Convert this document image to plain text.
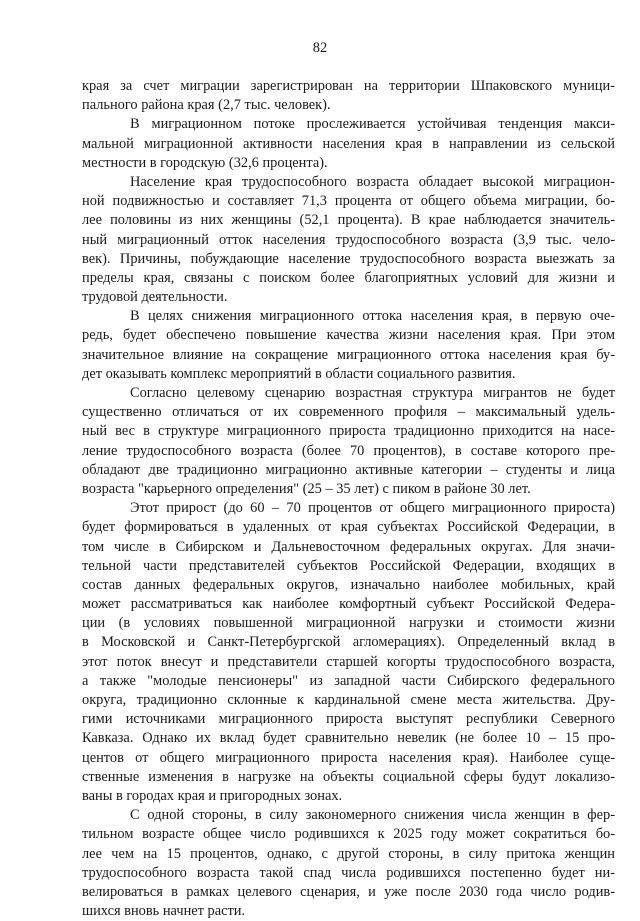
82
края за счет миграции зарегистрирован на территории Шпаковского муници-
пального района края (2,7 тыс. человек).
В миграционном потоке прослеживается устойчивая тенденция макси-
мальной миграционной активности населения края в направлении из сельской
местности в городскую (32,6 процента).
Население края трудоспособного возраста обладает высокой миграцион-
ной подвижностью и составляет 71,3 процента от общего объема миграции, бо-
лее половины из них женщины (52,1 процента). В крае наблюдается значитель-
ный миграционный отток населения трудоспособного возраста (3,9 тыс. чело-
век). Причины, побуждающие население трудоспособного возраста выезжать за
пределы края, связаны с поиском более благоприятных условий для жизни и
трудовой деятельности.
В целях снижения миграционного оттока населения края, в первую оче-
редь, будет обеспечено повышение качества жизни населения края. При этом
значительное влияние на сокращение миграционного оттока населения края бу-
дет оказывать комплекс мероприятий в области социального развития.
Согласно целевому сценарию возрастная структура мигрантов не будет
существенно отличаться от их современного профиля – максимальный удель-
ный вес в структуре миграционного прироста традиционно приходится на насе-
ление трудоспособного возраста (более 70 процентов), в составе которого пре-
обладают две традиционно миграционно активные категории – студенты и лица
возраста "карьерного определения" (25 – 35 лет) с пиком в районе 30 лет.
Этот прирост (до 60 – 70 процентов от общего миграционного прироста)
будет формироваться в удаленных от края субъектах Российской Федерации, в
том числе в Сибирском и Дальневосточном федеральных округах. Для значи-
тельной части представителей субъектов Российской Федерации, входящих в
состав данных федеральных округов, изначально наиболее мобильных, край
может рассматриваться как наиболее комфортный субъект Российской Федера-
ции (в условиях повышенной миграционной нагрузки и стоимости жизни
в Московской и Санкт-Петербургской агломерациях). Определенный вклад в
этот поток внесут и представители старшей когорты трудоспособного возраста,
а также "молодые пенсионеры" из западной части Сибирского федерального
округа, традиционно склонные к кардинальной смене места жительства. Дру-
гими источниками миграционного прироста выступят республики Северного
Кавказа. Однако их вклад будет сравнительно невелик (не более 10 – 15 про-
центов от общего миграционного прироста населения края). Наиболее суще-
ственные изменения в нагрузке на объекты социальной сферы будут локализо-
ваны в городах края и пригородных зонах.
С одной стороны, в силу закономерного снижения числа женщин в фер-
тильном возрасте общее число родившихся к 2025 году может сократиться бо-
лее чем на 15 процентов, однако, с другой стороны, в силу притока женщин
трудоспособного возраста такой спад числа родившихся постепенно будет ни-
велироваться в рамках целевого сценария, и уже после 2030 года число родив-
шихся вновь начнет расти.
